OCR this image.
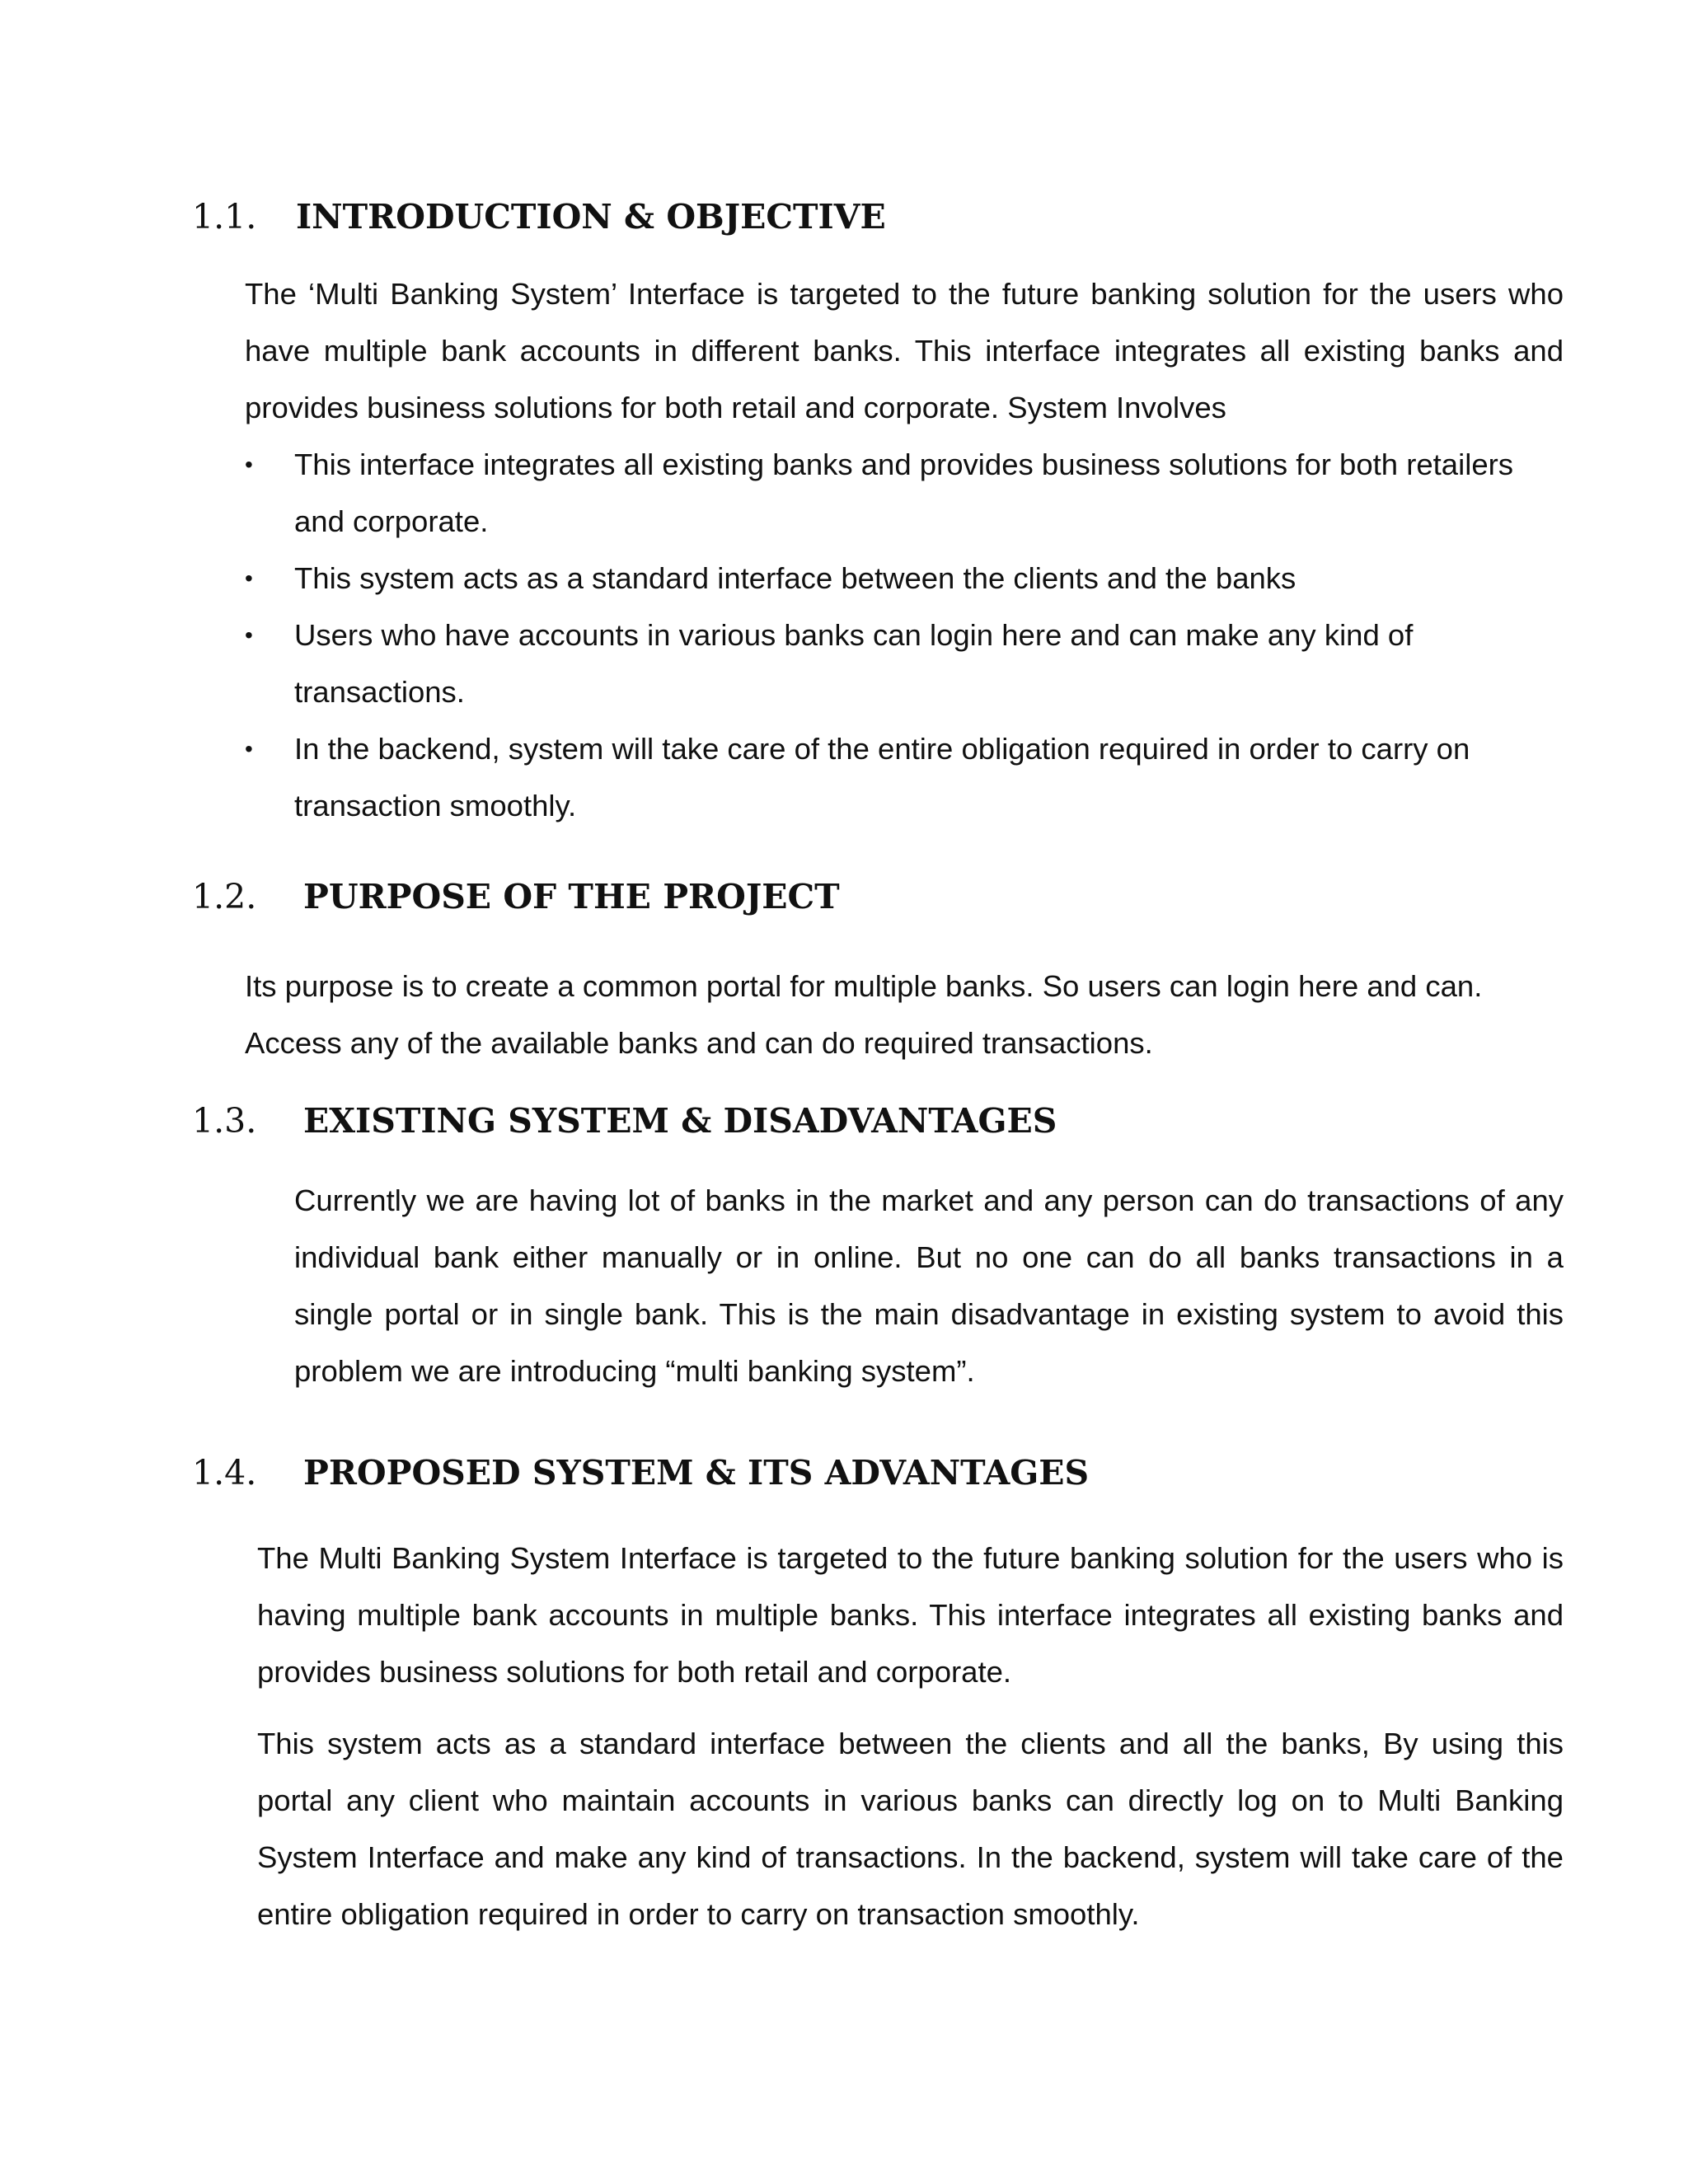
1.1. INTRODUCTION & OBJECTIVE

The ‘Multi Banking System’ Interface is targeted to the future banking solution for the users who have multiple bank accounts in different banks. This interface integrates all existing banks and provides business solutions for both retail and corporate. System Involves

• This interface integrates all existing banks and provides business solutions for both retailers and corporate.
• This system acts as a standard interface between the clients and the banks
• Users who have accounts in various banks can login here and can make any kind of transactions.
• In the backend, system will take care of the entire obligation required in order to carry on transaction smoothly.
1.2. PURPOSE OF THE PROJECT

Its purpose is to create a common portal for multiple banks. So users can login here and can. Access any of the available banks and can do required transactions.

1.3. EXISTING SYSTEM & DISADVANTAGES

Currently we are having lot of banks in the market and any person can do transactions of any individual bank either manually or in online. But no one can do all banks transactions in a single portal or in single bank. This is the main disadvantage in existing system to avoid this problem we are introducing “multi banking system”.

1.4. PROPOSED SYSTEM & ITS ADVANTAGES

The Multi Banking System Interface is targeted to the future banking solution for the users who is having multiple bank accounts in multiple banks. This interface integrates all existing banks and provides business solutions for both retail and corporate.

This system acts as a standard interface between the clients and all the banks, By using this portal any client who maintain accounts in various banks can directly log on to Multi Banking System Interface and make any kind of transactions. In the backend, system will take care of the entire obligation required in order to carry on transaction smoothly.
